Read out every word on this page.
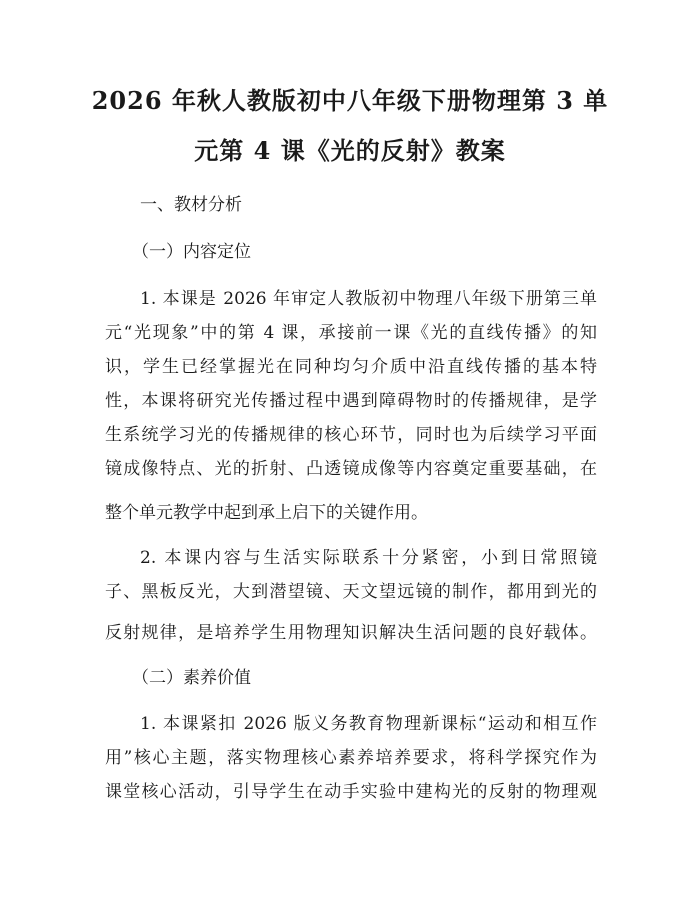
2026 年秋人教版初中八年级下册物理第 3 单
元第 4 课《光的反射》教案

一、教材分析

（一）内容定位

1. 本课是 2026 年审定人教版初中物理八年级下册第三单

元“光现象”中的第 4 课，承接前一课《光的直线传播》的知

识，学生已经掌握光在同种均匀介质中沿直线传播的基本特

性，本课将研究光传播过程中遇到障碍物时的传播规律，是学

生系统学习光的传播规律的核心环节，同时也为后续学习平面

镜成像特点、光的折射、凸透镜成像等内容奠定重要基础，在

整个单元教学中起到承上启下的关键作用。

2. 本课内容与生活实际联系十分紧密，小到日常照镜

子、黑板反光，大到潜望镜、天文望远镜的制作，都用到光的

反射规律，是培养学生用物理知识解决生活问题的良好载体。

（二）素养价值

1. 本课紧扣 2026 版义务教育物理新课标“运动和相互作

用”核心主题，落实物理核心素养培养要求，将科学探究作为

课堂核心活动，引导学生在动手实验中建构光的反射的物理观
